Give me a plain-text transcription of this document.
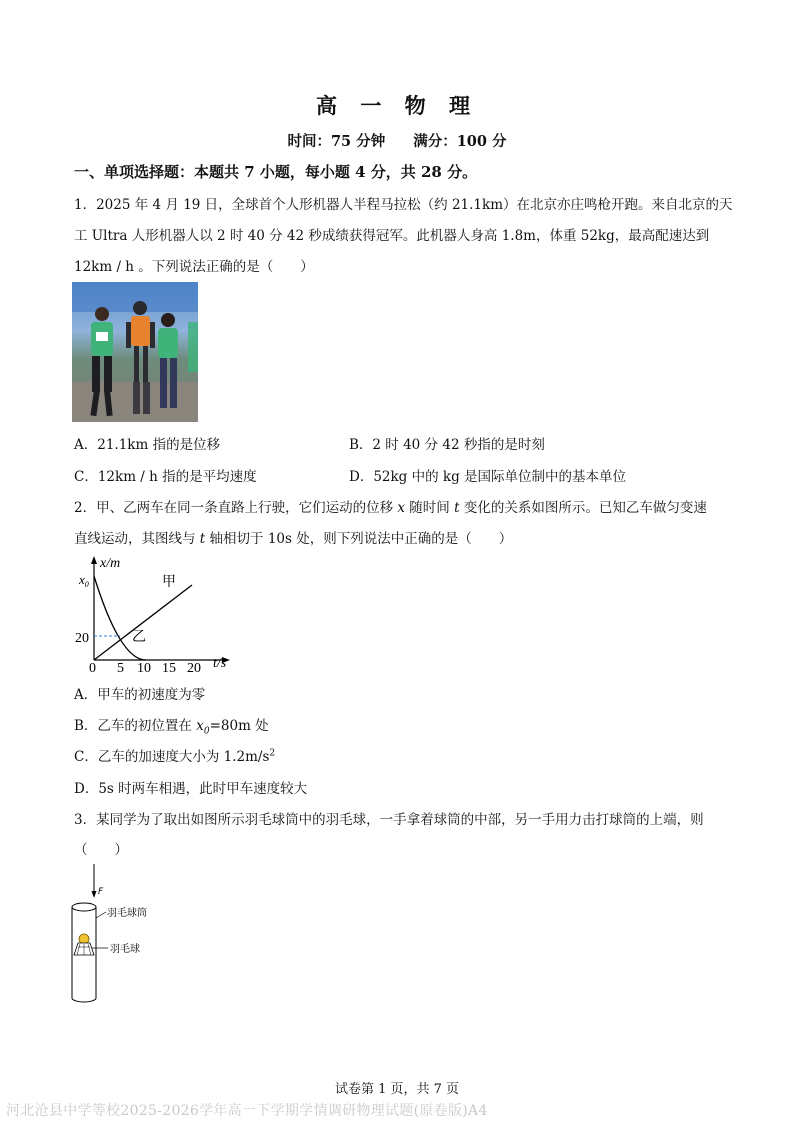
高 一 物 理
时间：75 分钟 满分：100 分
一、单项选择题：本题共 7 小题，每小题 4 分，共 28 分。
1．2025 年 4 月 19 日，全球首个人形机器人半程马拉松（约 21.1km）在北京亦庄鸣枪开跑。来自北京的天
工 Ultra 人形机器人以 2 时 40 分 42 秒成绩获得冠军。此机器人身高 1.8m，体重 52kg，最高配速达到
12km / h 。下列说法正确的是（　　）
A．21.1km 指的是位移	B．2 时 40 分 42 秒指的是时刻
C．12km / h 指的是平均速度	D．52kg 中的 kg 是国际单位制中的基本单位
2．甲、乙两车在同一条直路上行驶，它们运动的位移 x 随时间 t 变化的关系如图所示。已知乙车做匀变速
直线运动，其图线与 t 轴相切于 10s 处，则下列说法中正确的是（　　）
x/m
$x_0$
20
0 5 10 15 20 t/s
甲
乙
A．甲车的初速度为零
B．乙车的初位置在 $x_0=80m$ 处
C．乙车的加速度大小为 $1.2m/s^2$
D．5s 时两车相遇，此时甲车速度较大
3．某同学为了取出如图所示羽毛球筒中的羽毛球，一手拿着球筒的中部，另一手用力击打球筒的上端，则
（　　）
F
羽毛球筒
羽毛球
试卷第 1 页，共 7 页
河北沧县中学等校2025-2026学年高一下学期学情调研物理试题(原卷版)A4
